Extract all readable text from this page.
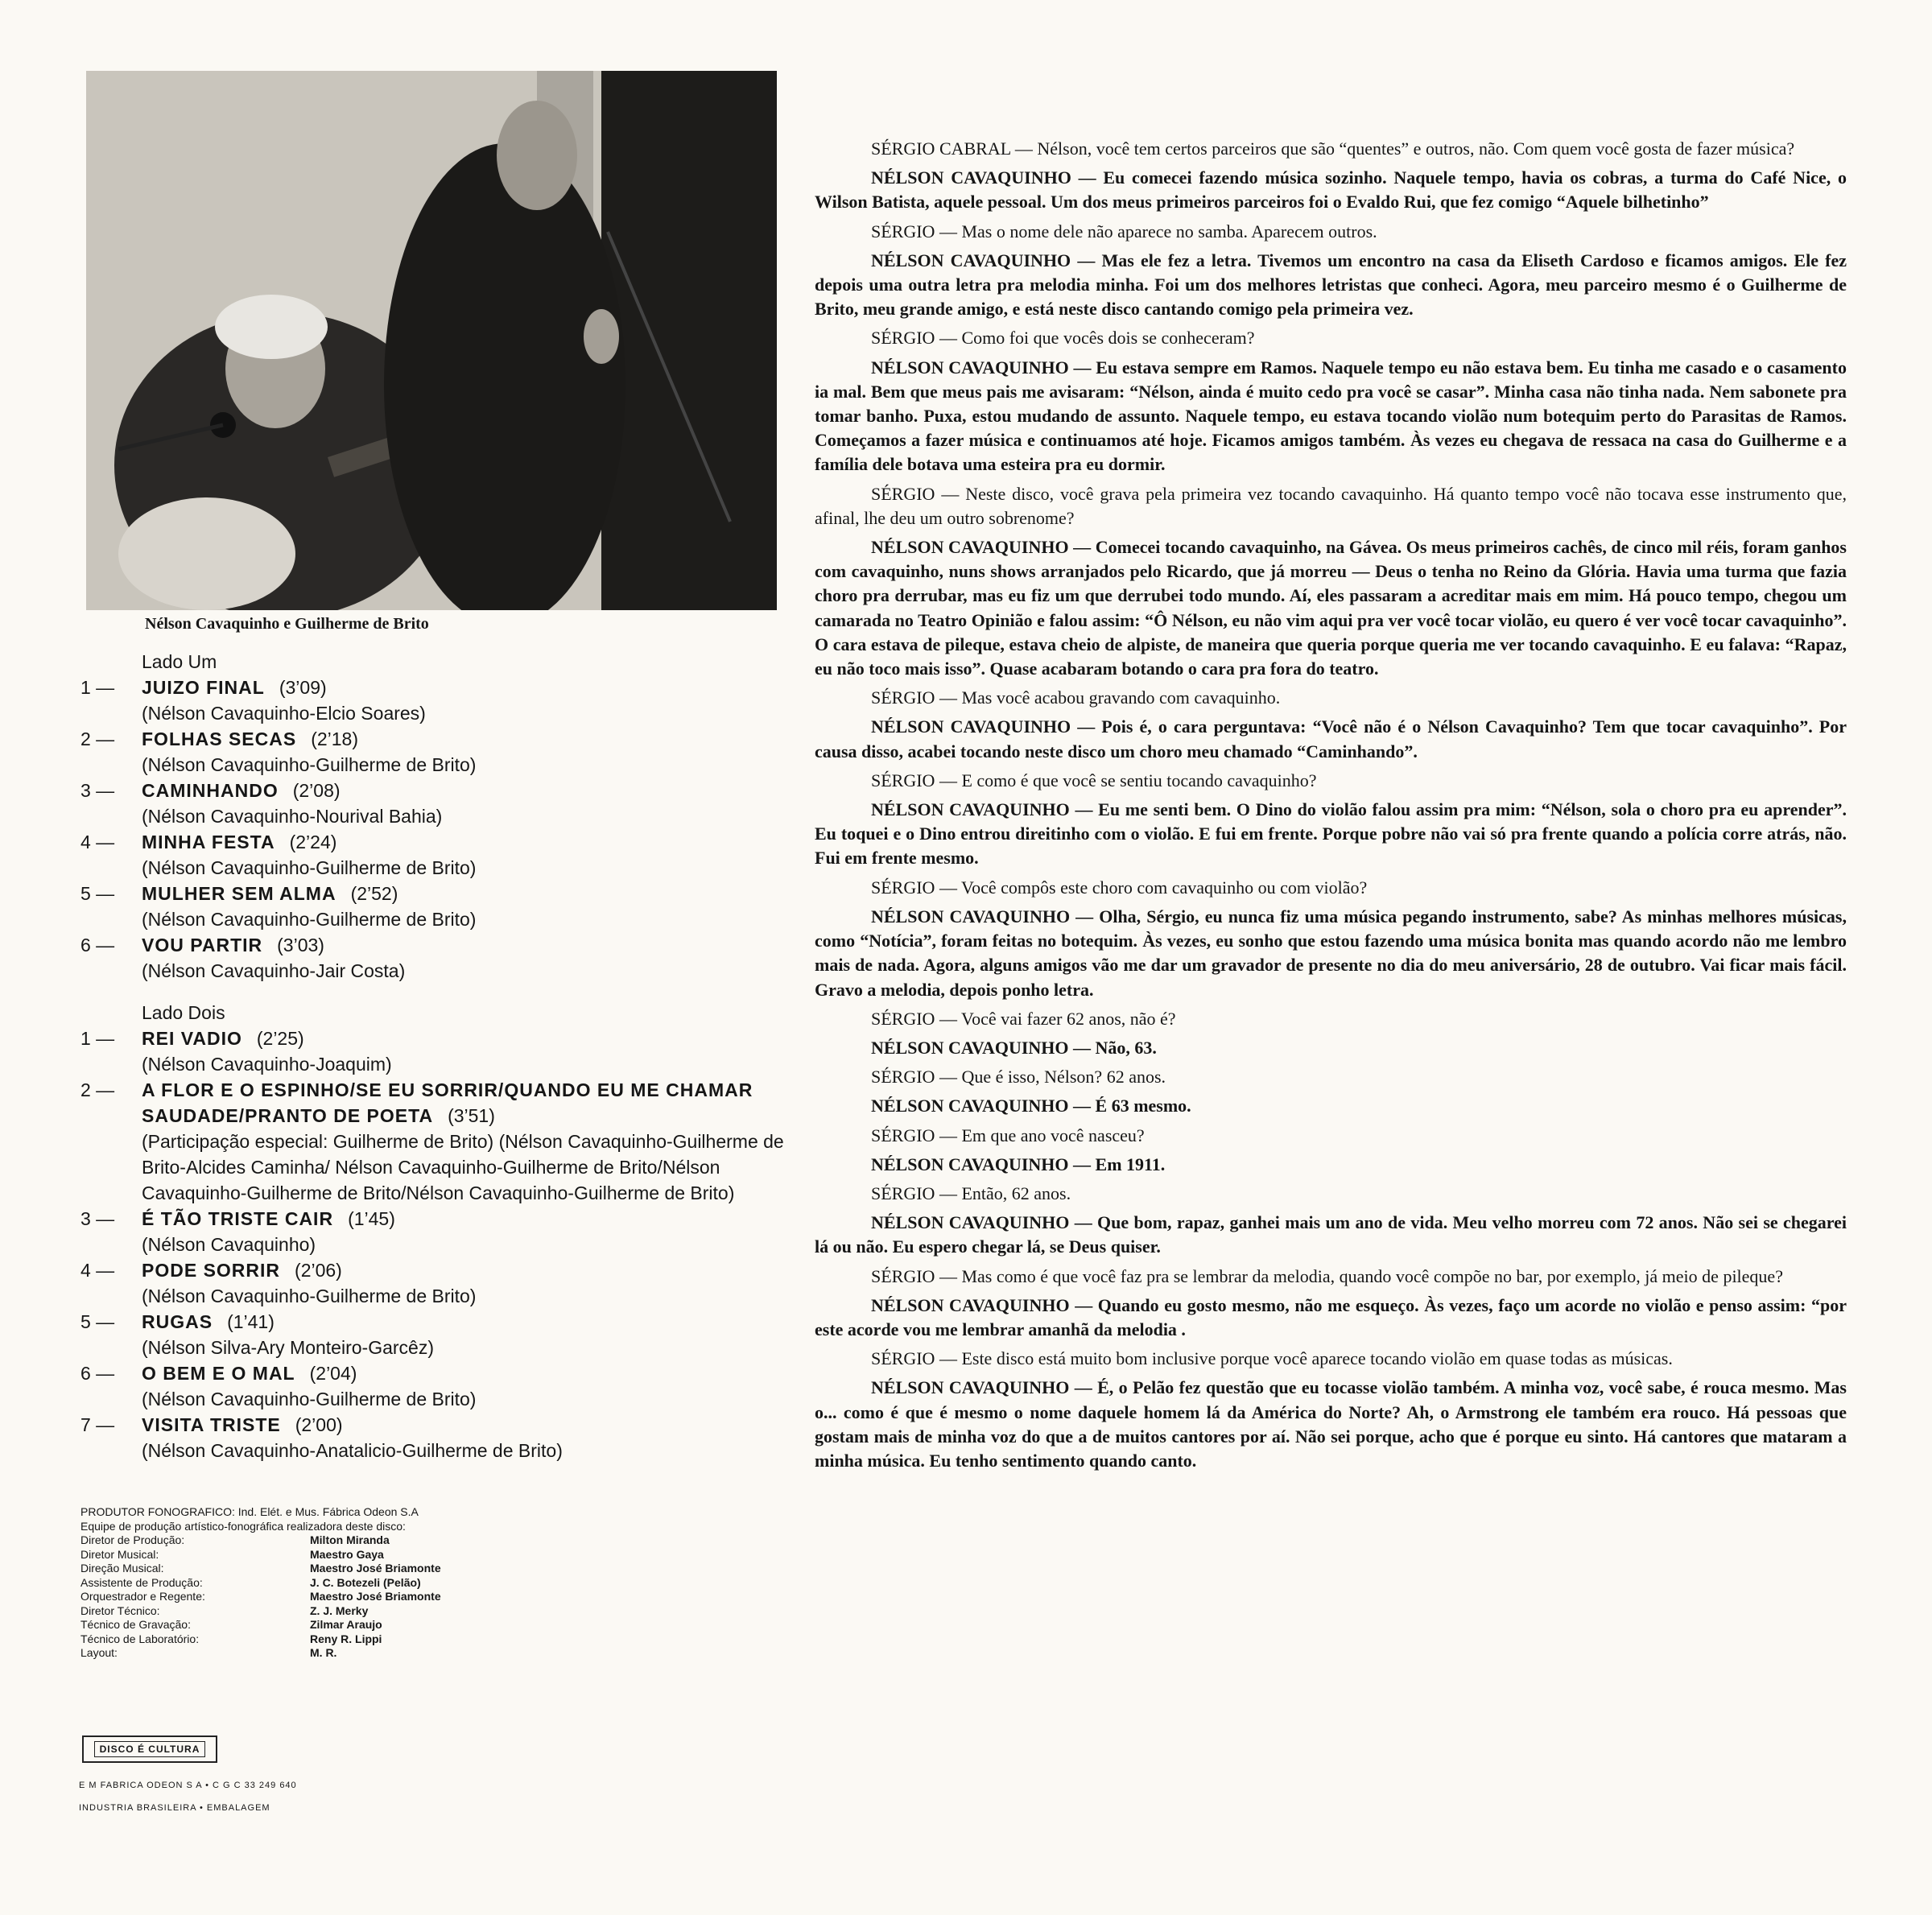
Nélson Cavaquinho e Guilherme de Brito
Lado Um
1 —	JUIZO FINAL (3’09)
(Nélson Cavaquinho-Elcio Soares)
2 —	FOLHAS SECAS (2’18)
(Nélson Cavaquinho-Guilherme de Brito)
3 —	CAMINHANDO (2’08)
(Nélson Cavaquinho-Nourival Bahia)
4 —	MINHA FESTA (2’24)
(Nélson Cavaquinho-Guilherme de Brito)
5 —	MULHER SEM ALMA (2’52)
(Nélson Cavaquinho-Guilherme de Brito)
6 —	VOU PARTIR (3’03)
(Nélson Cavaquinho-Jair Costa)
Lado Dois
1 —	REI VADIO (2’25)
(Nélson Cavaquinho-Joaquim)
2 —	A FLOR E O ESPINHO/SE EU SORRIR/QUANDO EU ME CHAMAR SAUDADE/PRANTO DE POETA (3’51)
(Participação especial: Guilherme de Brito) (Nélson Cavaquinho-Guilherme de Brito-Alcides Caminha/ Nélson Cavaquinho-Guilherme de Brito/Nélson Cavaquinho-Guilherme de Brito/Nélson Cavaquinho-Guilherme de Brito)
3 —	É TÃO TRISTE CAIR (1’45)
(Nélson Cavaquinho)
4 —	PODE SORRIR (2’06)
(Nélson Cavaquinho-Guilherme de Brito)
5 —	RUGAS (1’41)
(Nélson Silva-Ary Monteiro-Garcêz)
6 —	O BEM E O MAL (2’04)
(Nélson Cavaquinho-Guilherme de Brito)
7 —	VISITA TRISTE (2’00)
(Nélson Cavaquinho-Anatalicio-Guilherme de Brito)
PRODUTOR FONOGRAFICO: Ind. Elét. e Mus. Fábrica Odeon S.A
Equipe de produção artístico-fonográfica realizadora deste disco:
Diretor de Produção:	Milton Miranda
Diretor Musical:	Maestro Gaya
Direção Musical:	Maestro José Briamonte
Assistente de Produção:	J. C. Botezeli (Pelão)
Orquestrador e Regente:	Maestro José Briamonte
Diretor Técnico:	Z. J. Merky
Técnico de Gravação:	Zilmar Araujo
Técnico de Laboratório:	Reny R. Lippi
Layout:	M. R.
DISCO É CULTURA
E M FABRICA ODEON S A • C G C 33 249 640
INDUSTRIA BRASILEIRA • EMBALAGEM

SÉRGIO CABRAL — Nélson, você tem certos parceiros que são “quentes” e outros, não. Com quem você gosta de fazer música?

NÉLSON CAVAQUINHO — Eu comecei fazendo música sozinho. Naquele tempo, havia os cobras, a turma do Café Nice, o Wilson Batista, aquele pessoal. Um dos meus primeiros parceiros foi o Evaldo Rui, que fez comigo “Aquele bilhetinho”

SÉRGIO — Mas o nome dele não aparece no samba. Aparecem outros.

NÉLSON CAVAQUINHO — Mas ele fez a letra. Tivemos um encontro na casa da Eliseth Cardoso e ficamos amigos. Ele fez depois uma outra letra pra melodia minha. Foi um dos melhores letristas que conheci. Agora, meu parceiro mesmo é o Guilherme de Brito, meu grande amigo, e está neste disco cantando comigo pela primeira vez.

SÉRGIO — Como foi que vocês dois se conheceram?

NÉLSON CAVAQUINHO — Eu estava sempre em Ramos. Naquele tempo eu não estava bem. Eu tinha me casado e o casamento ia mal. Bem que meus pais me avisaram: “Nélson, ainda é muito cedo pra você se casar”. Minha casa não tinha nada. Nem sabonete pra tomar banho. Puxa, estou mudando de assunto. Naquele tempo, eu estava tocando violão num botequim perto do Parasitas de Ramos. Começamos a fazer música e continuamos até hoje. Ficamos amigos também. Às vezes eu chegava de ressaca na casa do Guilherme e a família dele botava uma esteira pra eu dormir.

SÉRGIO — Neste disco, você grava pela primeira vez tocando cavaquinho. Há quanto tempo você não tocava esse instrumento que, afinal, lhe deu um outro sobrenome?

NÉLSON CAVAQUINHO — Comecei tocando cavaquinho, na Gávea. Os meus primeiros cachês, de cinco mil réis, foram ganhos com cavaquinho, nuns shows arranjados pelo Ricardo, que já morreu — Deus o tenha no Reino da Glória. Havia uma turma que fazia choro pra derrubar, mas eu fiz um que derrubei todo mundo. Aí, eles passaram a acreditar mais em mim. Há pouco tempo, chegou um camarada no Teatro Opinião e falou assim: “Ô Nélson, eu não vim aqui pra ver você tocar violão, eu quero é ver você tocar cavaquinho”. O cara estava de pileque, estava cheio de alpiste, de maneira que queria porque queria me ver tocando cavaquinho. E eu falava: “Rapaz, eu não toco mais isso”. Quase acabaram botando o cara pra fora do teatro.

SÉRGIO — Mas você acabou gravando com cavaquinho.

NÉLSON CAVAQUINHO — Pois é, o cara perguntava: “Você não é o Nélson Cavaquinho? Tem que tocar cavaquinho”. Por causa disso, acabei tocando neste disco um choro meu chamado “Caminhando”.

SÉRGIO — E como é que você se sentiu tocando cavaquinho?

NÉLSON CAVAQUINHO — Eu me senti bem. O Dino do violão falou assim pra mim: “Nélson, sola o choro pra eu aprender”. Eu toquei e o Dino entrou direitinho com o violão. E fui em frente. Porque pobre não vai só pra frente quando a polícia corre atrás, não. Fui em frente mesmo.

SÉRGIO — Você compôs este choro com cavaquinho ou com violão?

NÉLSON CAVAQUINHO — Olha, Sérgio, eu nunca fiz uma música pegando instrumento, sabe? As minhas melhores músicas, como “Notícia”, foram feitas no botequim. Às vezes, eu sonho que estou fazendo uma música bonita mas quando acordo não me lembro mais de nada. Agora, alguns amigos vão me dar um gravador de presente no dia do meu aniversário, 28 de outubro. Vai ficar mais fácil. Gravo a melodia, depois ponho letra.

SÉRGIO — Você vai fazer 62 anos, não é?

NÉLSON CAVAQUINHO — Não, 63.

SÉRGIO — Que é isso, Nélson? 62 anos.

NÉLSON CAVAQUINHO — É 63 mesmo.

SÉRGIO — Em que ano você nasceu?

NÉLSON CAVAQUINHO — Em 1911.

SÉRGIO — Então, 62 anos.

NÉLSON CAVAQUINHO — Que bom, rapaz, ganhei mais um ano de vida. Meu velho morreu com 72 anos. Não sei se chegarei lá ou não. Eu espero chegar lá, se Deus quiser.

SÉRGIO — Mas como é que você faz pra se lembrar da melodia, quando você compõe no bar, por exemplo, já meio de pileque?

NÉLSON CAVAQUINHO — Quando eu gosto mesmo, não me esqueço. Às vezes, faço um acorde no violão e penso assim: “por este acorde vou me lembrar amanhã da melodia .

SÉRGIO — Este disco está muito bom inclusive porque você aparece tocando violão em quase todas as músicas.

NÉLSON CAVAQUINHO — É, o Pelão fez questão que eu tocasse violão também. A minha voz, você sabe, é rouca mesmo. Mas o... como é que é mesmo o nome daquele homem lá da América do Norte? Ah, o Armstrong ele também era rouco. Há pessoas que gostam mais de minha voz do que a de muitos cantores por aí. Não sei porque, acho que é porque eu sinto. Há cantores que mataram a minha música. Eu tenho sentimento quando canto.
